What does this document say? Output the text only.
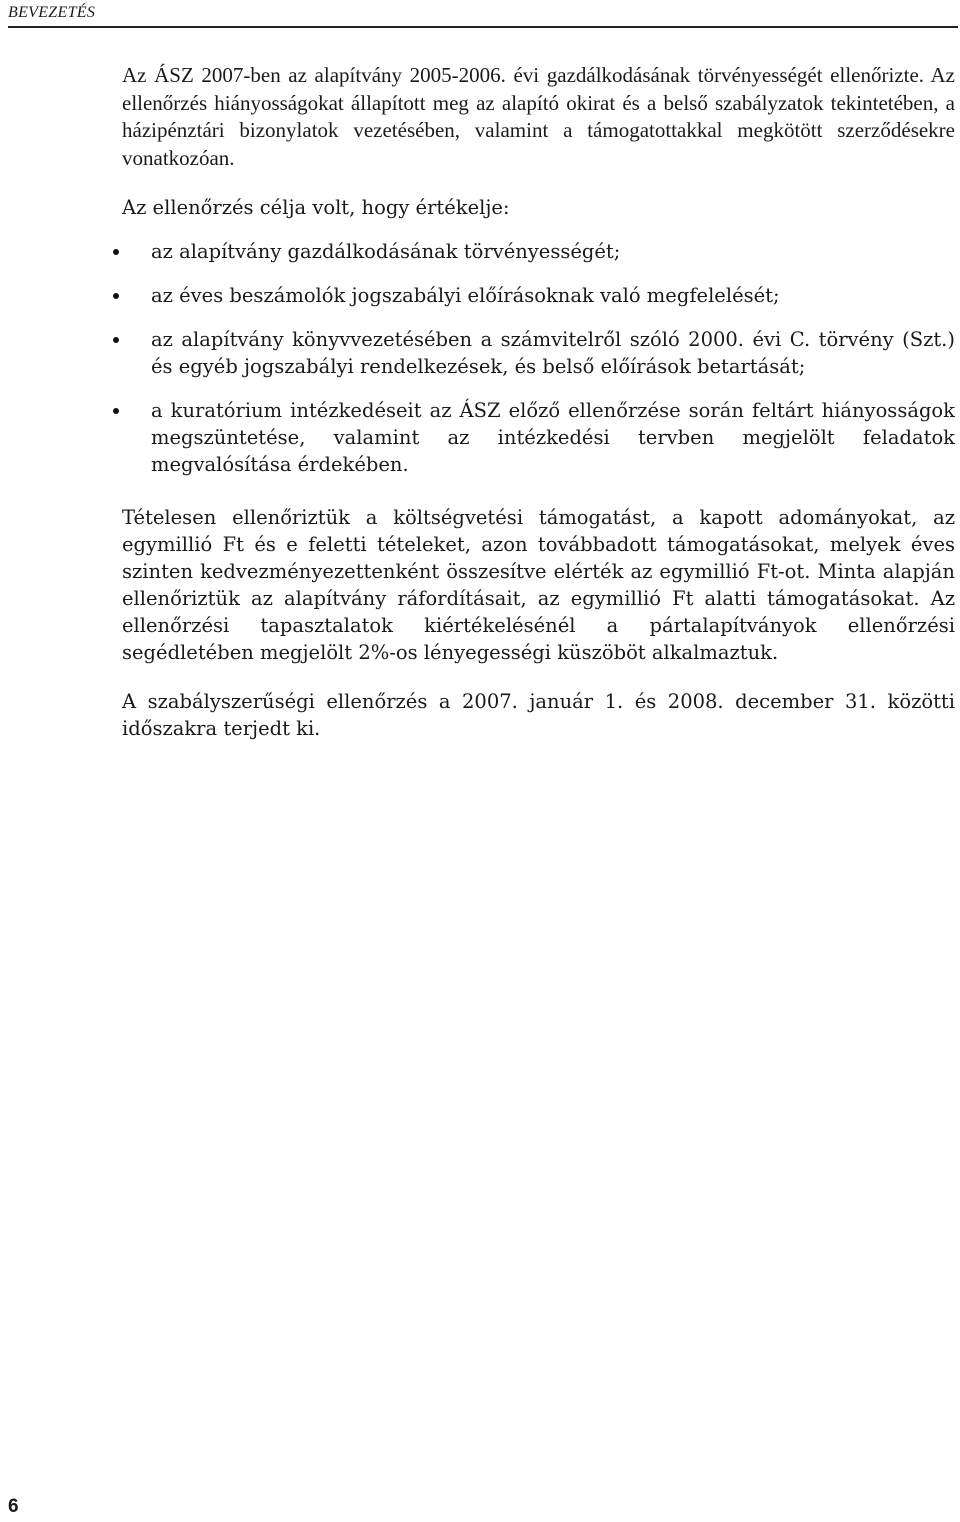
BEVEZETÉS

Az ÁSZ 2007-ben az alapítvány 2005-2006. évi gazdálkodásának törvényességét ellenőrizte. Az ellenőrzés hiányosságokat állapított meg az alapító okirat és a belső szabályzatok tekintetében, a házipénztári bizonylatok vezetésében, valamint a támogatottakkal megkötött szerződésekre vonatkozóan.

Az ellenőrzés célja volt, hogy értékelje:

az alapítvány gazdálkodásának törvényességét;
az éves beszámolók jogszabályi előírásoknak való megfelelését;
az alapítvány könyvvezetésében a számvitelről szóló 2000. évi C. törvény (Szt.) és egyéb jogszabályi rendelkezések, és belső előírások betartását;
a kuratórium intézkedéseit az ÁSZ előző ellenőrzése során feltárt hiányosságok megszüntetése, valamint az intézkedési tervben megjelölt feladatok megvalósítása érdekében.

Tételesen ellenőriztük a költségvetési támogatást, a kapott adományokat, az egymillió Ft és e feletti tételeket, azon továbbadott támogatásokat, melyek éves szinten kedvezményezettenként összesítve elérték az egymillió Ft-ot. Minta alapján ellenőriztük az alapítvány ráfordításait, az egymillió Ft alatti támogatásokat. Az ellenőrzési tapasztalatok kiértékelésénél a pártalapítványok ellenőrzési segédletében megjelölt 2%-os lényegességi küszöböt alkalmaztuk.

A szabályszerűségi ellenőrzés a 2007. január 1. és 2008. december 31. közötti időszakra terjedt ki.

6
